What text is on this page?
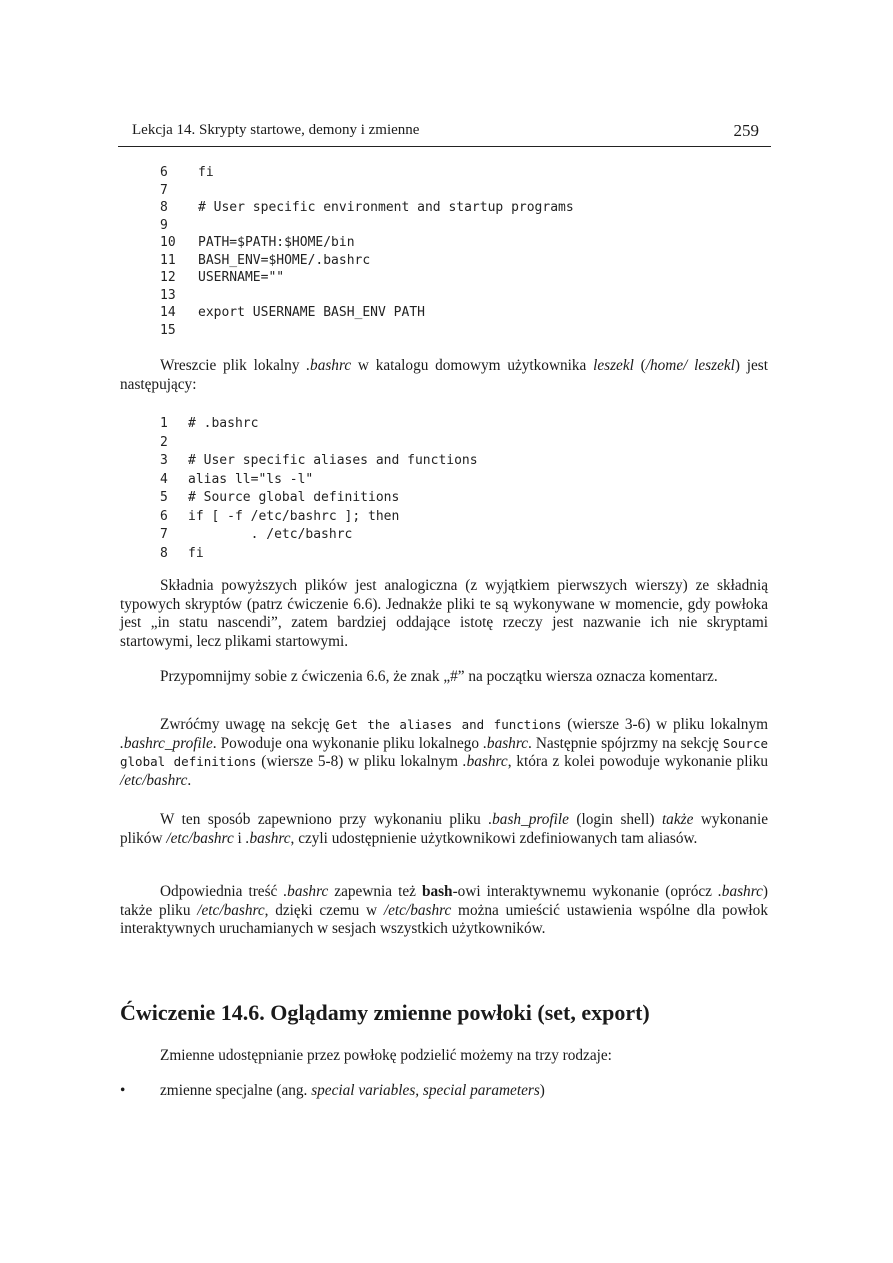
Lekcja 14. Skrypty startowe, demony i zmienne	259
6 fi
7
8 # User specific environment and startup programs
9
10 PATH=$PATH:$HOME/bin
11 BASH_ENV=$HOME/.bashrc
12 USERNAME=""
13
14 export USERNAME BASH_ENV PATH
15
Wreszcie plik lokalny .bashrc w katalogu domowym użytkownika leszekl (/home/ leszekl) jest następujący:
1 # .bashrc
2
3 # User specific aliases and functions
4 alias ll="ls -l"
5 # Source global definitions
6 if [ -f /etc/bashrc ]; then
7        . /etc/bashrc
8 fi
Składnia powyższych plików jest analogiczna (z wyjątkiem pierwszych wierszy) ze składnią typowych skryptów (patrz ćwiczenie 6.6). Jednakże pliki te są wykonywane w momencie, gdy powłoka jest „in statu nascendi”, zatem bardziej oddające istotę rzeczy jest nazwanie ich nie skryptami startowymi, lecz plikami startowymi.
Przypomnijmy sobie z ćwiczenia 6.6, że znak „#” na początku wiersza oznacza komentarz.
Zwróćmy uwagę na sekcję Get the aliases and functions (wiersze 3-6) w pliku lokalnym .bashrc_profile. Powoduje ona wykonanie pliku lokalnego .bashrc. Następnie spójrzmy na sekcję Source global definitions (wiersze 5-8) w pliku lokalnym .bashrc, która z kolei powoduje wykonanie pliku /etc/bashrc.
W ten sposób zapewniono przy wykonaniu pliku .bash_profile (login shell) także wykonanie plików /etc/bashrc i .bashrc, czyli udostępnienie użytkownikowi zdefiniowanych tam aliasów.
Odpowiednia treść .bashrc zapewnia też bash-owi interaktywnemu wykonanie (oprócz .bashrc) także pliku /etc/bashrc, dzięki czemu w /etc/bashrc można umieścić ustawienia wspólne dla powłok interaktywnych uruchamianych w sesjach wszystkich użytkowników.
Ćwiczenie 14.6. Oglądamy zmienne powłoki (set, export)
Zmienne udostępnianie przez powłokę podzielić możemy na trzy rodzaje:
• zmienne specjalne (ang. special variables, special parameters)
